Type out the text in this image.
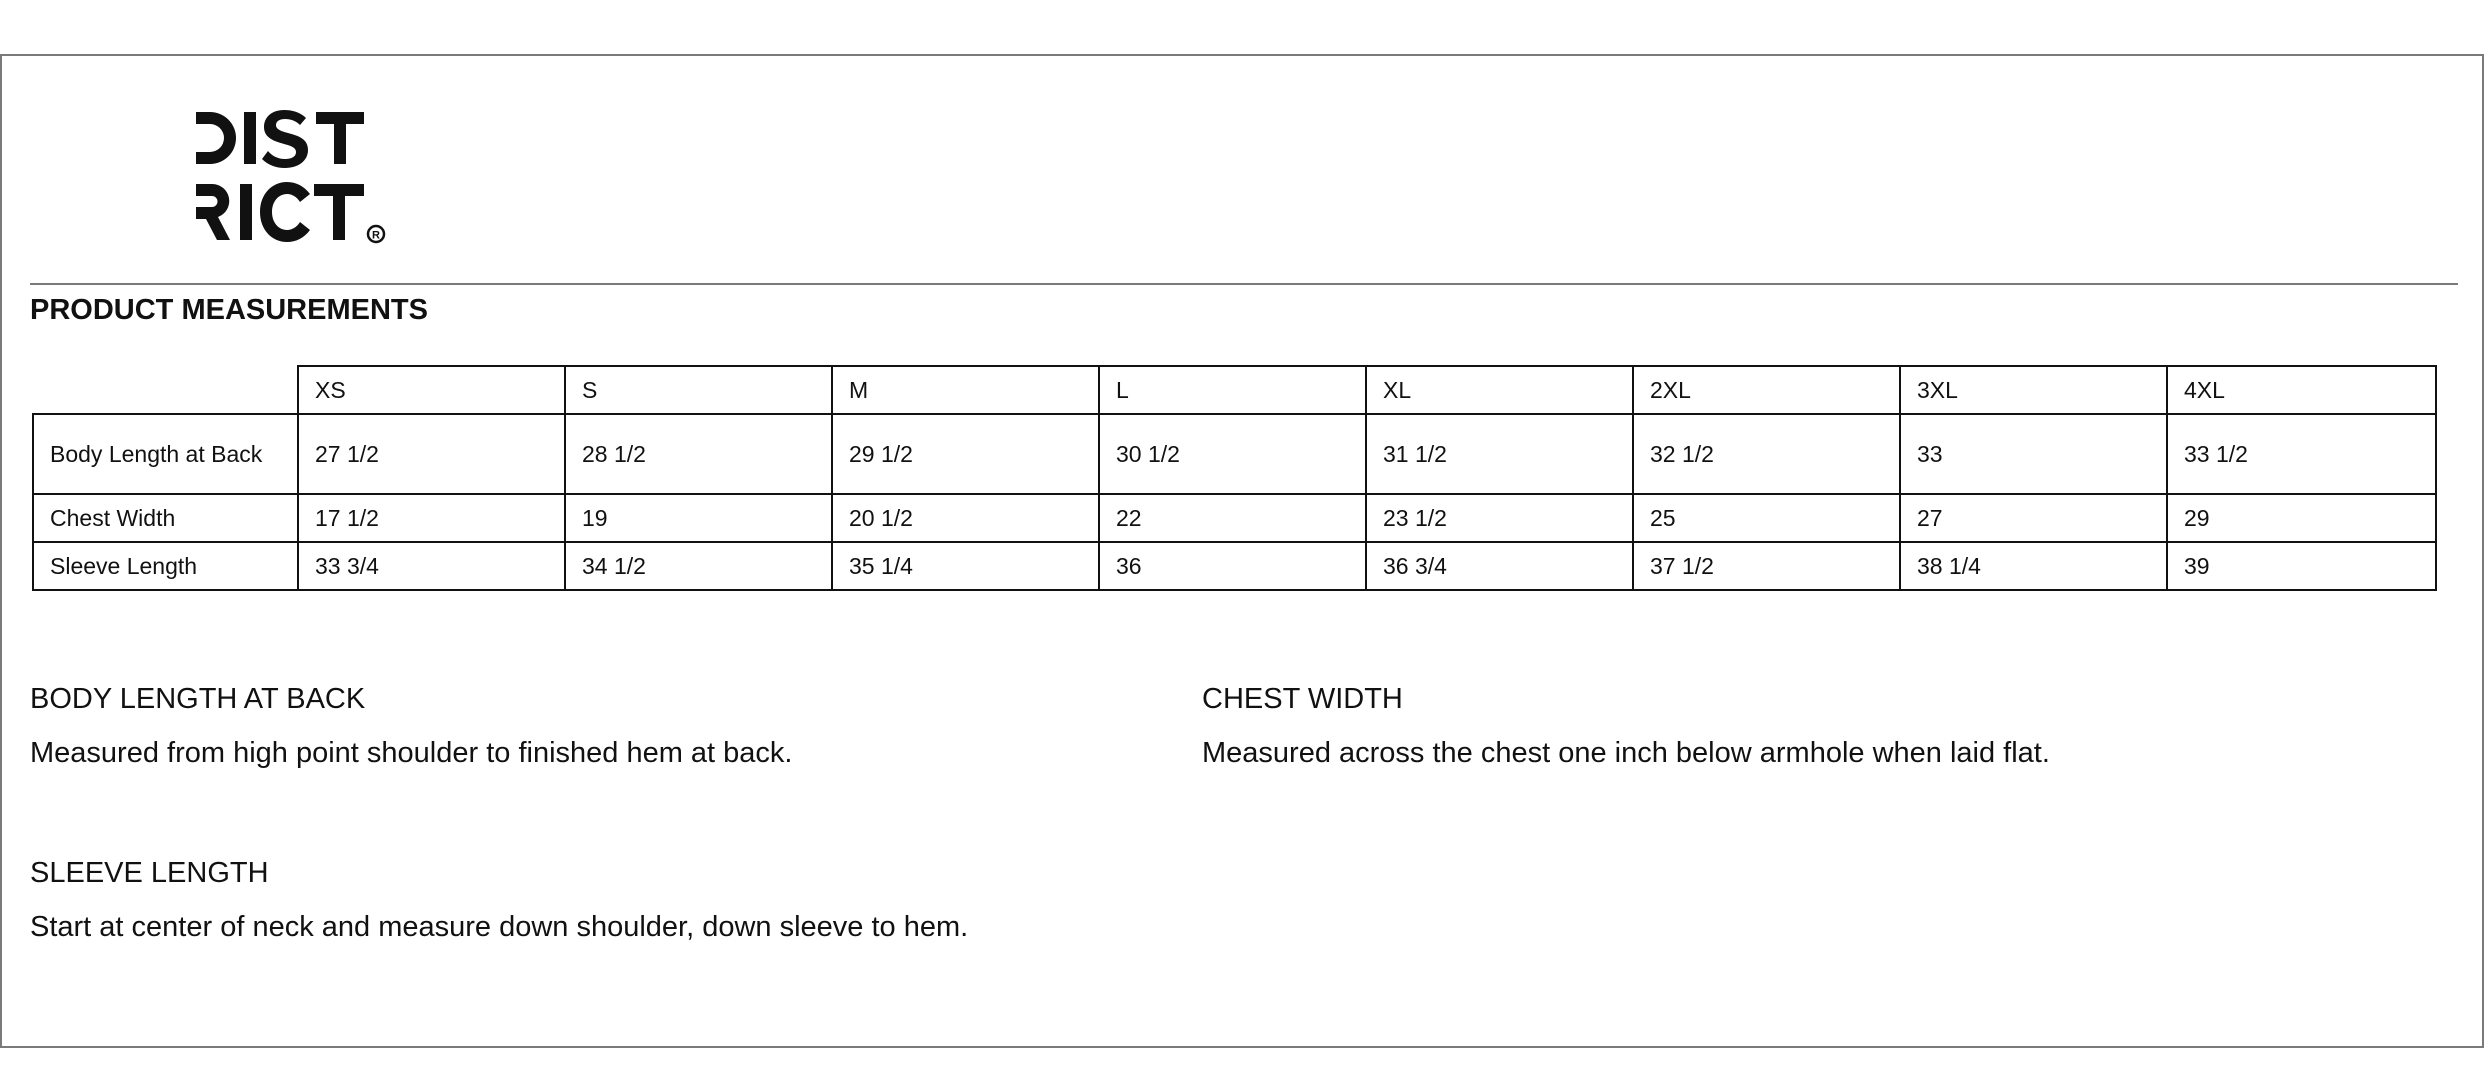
R
PRODUCT MEASUREMENTS
	XS	S	M	L	XL	2XL	3XL	4XL
Body Length at Back	27 1/2	28 1/2	29 1/2	30 1/2	31 1/2	32 1/2	33	33 1/2
Chest Width	17 1/2	19	20 1/2	22	23 1/2	25	27	29
Sleeve Length	33 3/4	34 1/2	35 1/4	36	36 3/4	37 1/2	38 1/4	39
BODY LENGTH AT BACK
Measured from high point shoulder to finished hem at back.
CHEST WIDTH
Measured across the chest one inch below armhole when laid flat.
SLEEVE LENGTH
Start at center of neck and measure down shoulder, down sleeve to hem.
